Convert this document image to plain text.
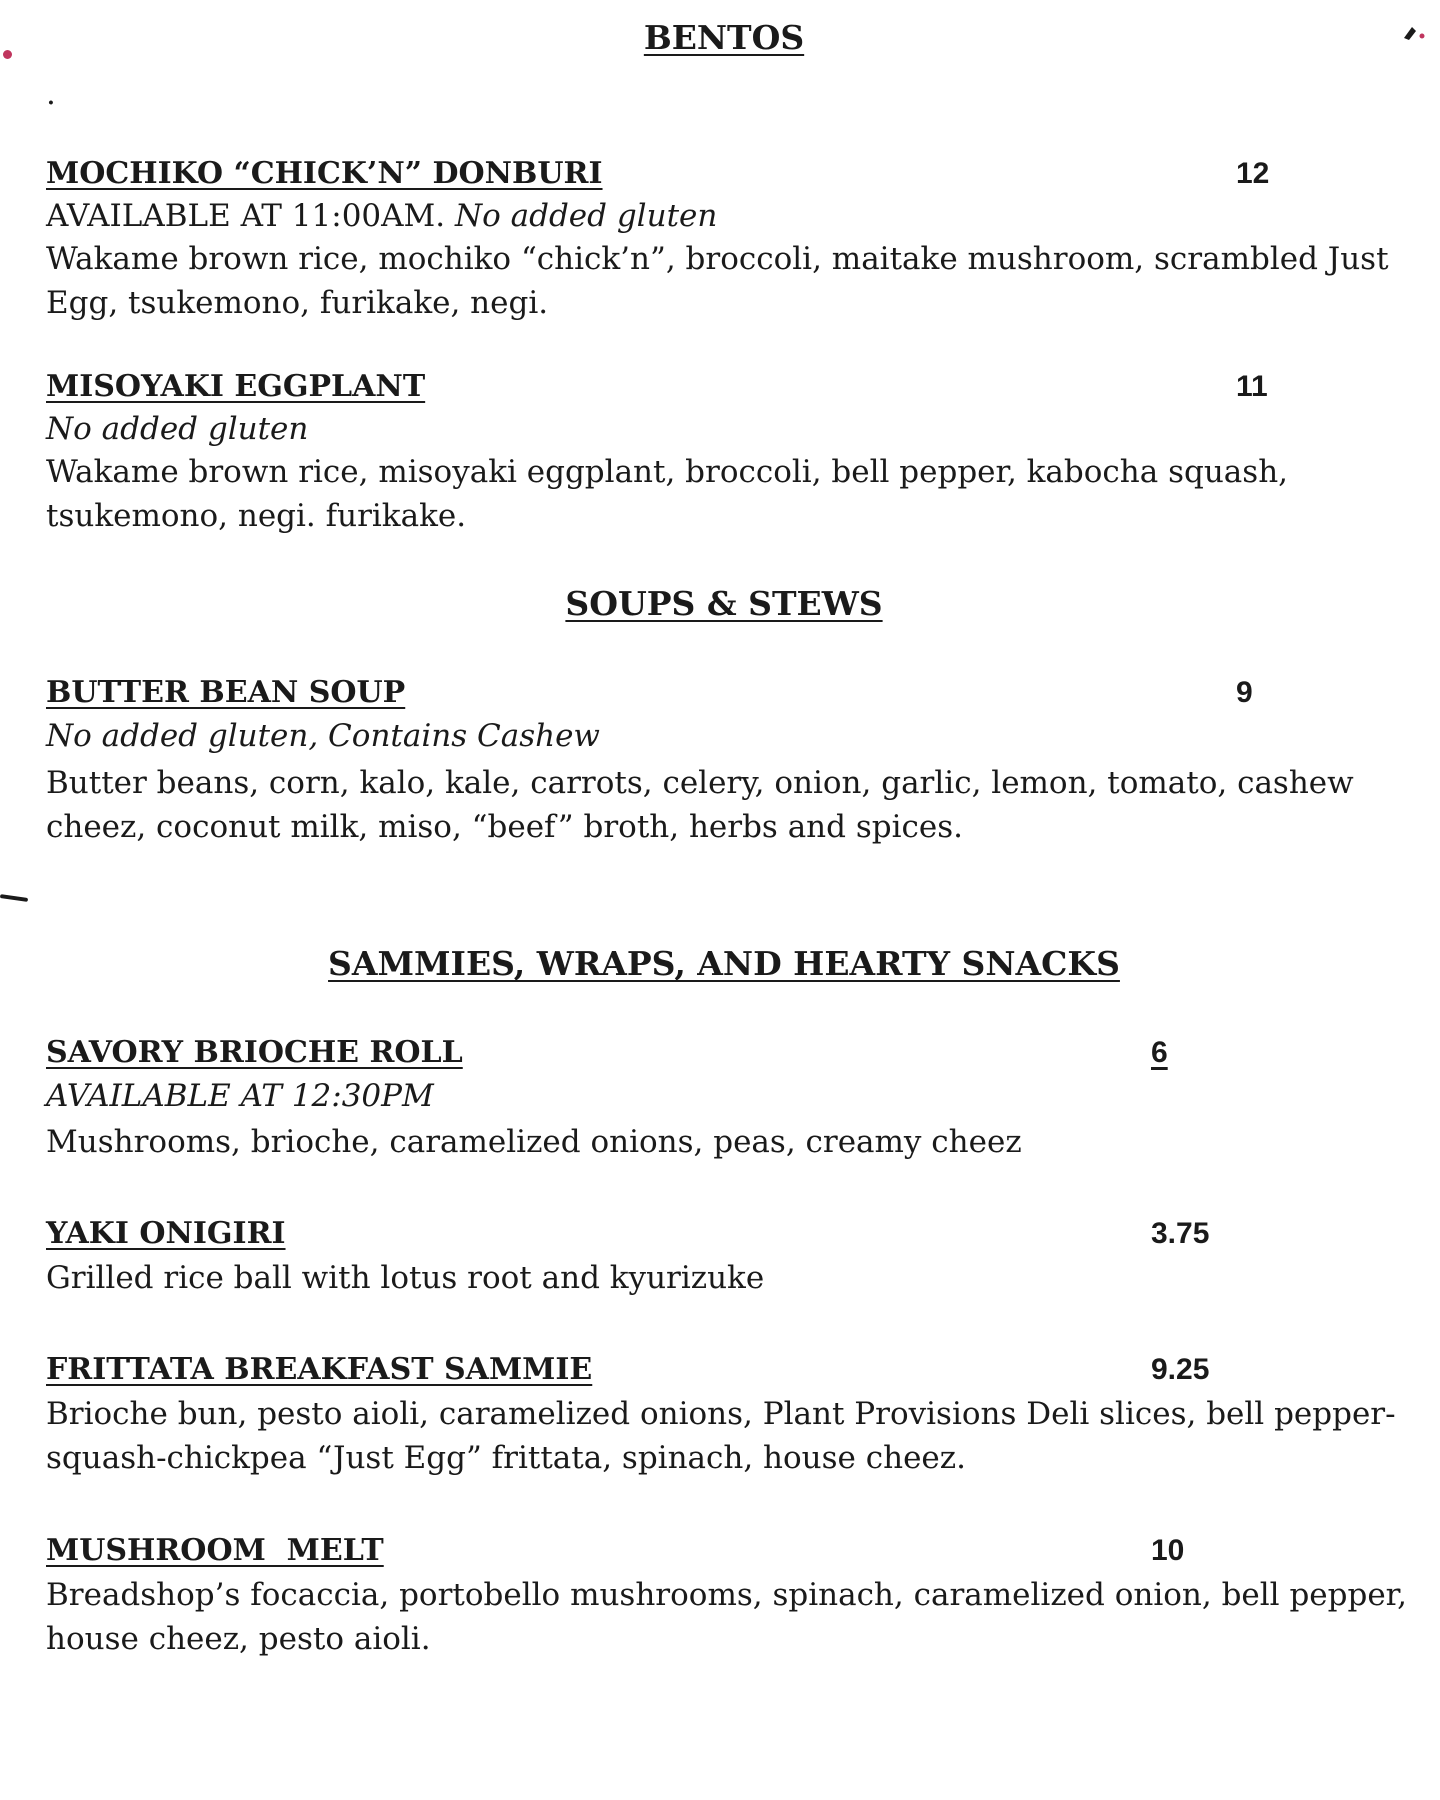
BENTOS
.
MOCHIKO “CHICK’N” DONBURI	12
AVAILABLE AT 11:00AM. No added gluten
Wakame brown rice, mochiko “chick’n”, broccoli, maitake mushroom, scrambled Just Egg, tsukemono, furikake, negi.
MISOYAKI EGGPLANT	11
No added gluten
Wakame brown rice, misoyaki eggplant, broccoli, bell pepper, kabocha squash, tsukemono, negi. furikake.
SOUPS & STEWS
BUTTER BEAN SOUP	9
No added gluten, Contains Cashew
Butter beans, corn, kalo, kale, carrots, celery, onion, garlic, lemon, tomato, cashew cheez, coconut milk, miso, “beef” broth, herbs and spices.
SAMMIES, WRAPS, AND HEARTY SNACKS
SAVORY BRIOCHE ROLL	6
AVAILABLE AT 12:30PM
Mushrooms, brioche, caramelized onions, peas, creamy cheez
YAKI ONIGIRI	3.75
Grilled rice ball with lotus root and kyurizuke
FRITTATA BREAKFAST SAMMIE	9.25
Brioche bun, pesto aioli, caramelized onions, Plant Provisions Deli slices, bell pepper-squash-chickpea “Just Egg” frittata, spinach, house cheez.
MUSHROOM  MELT	10
Breadshop’s focaccia, portobello mushrooms, spinach, caramelized onion, bell pepper, house cheez, pesto aioli.
